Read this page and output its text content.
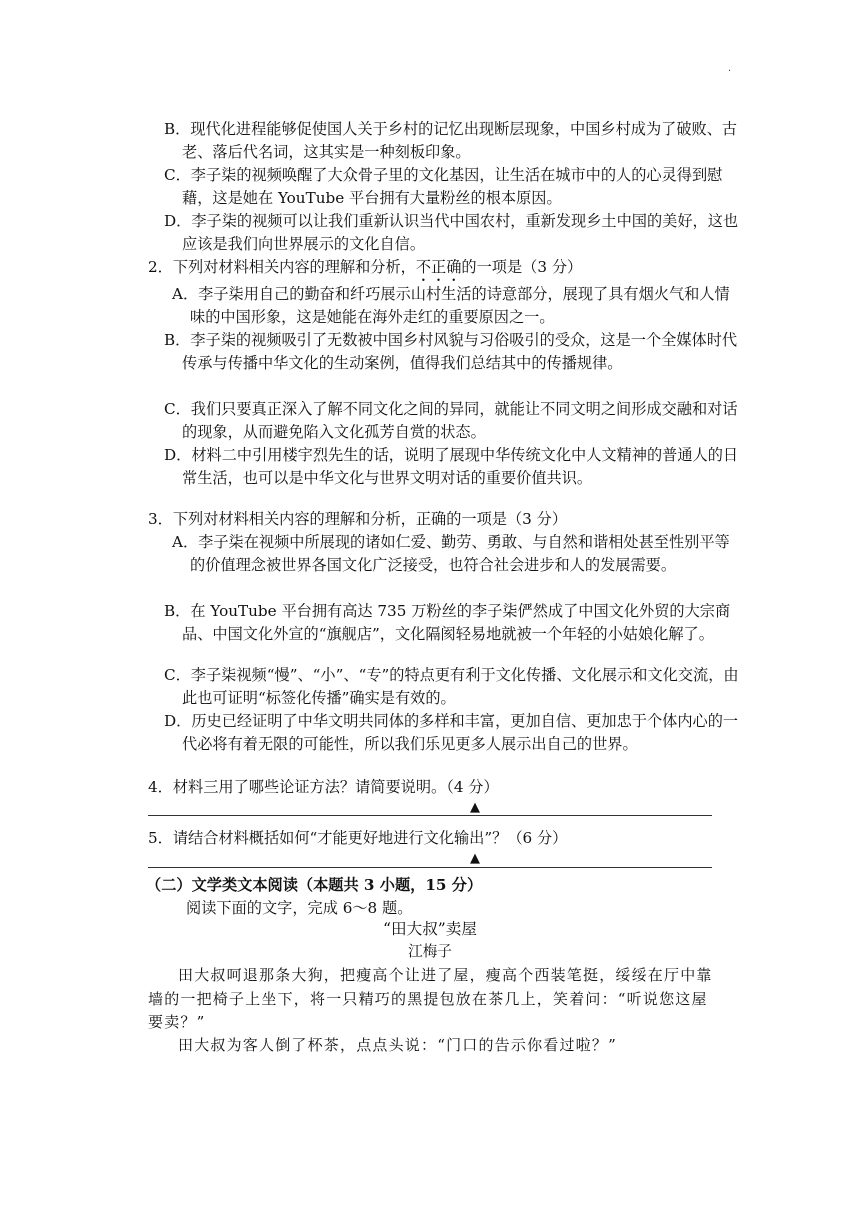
·

B．现代化进程能够促使国人关于乡村的记忆出现断层现象，中国乡村成为了破败、古老、落后代名词，这其实是一种刻板印象。

C．李子柒的视频唤醒了大众骨子里的文化基因，让生活在城市中的人的心灵得到慰藉，这是她在 YouTube 平台拥有大量粉丝的根本原因。

D．李子柒的视频可以让我们重新认识当代中国农村，重新发现乡土中国的美好，这也应该是我们向世界展示的文化自信。

2．下列对材料相关内容的理解和分析，不正确的一项是（3 分）

A．李子柒用自己的勤奋和纤巧展示山村生活的诗意部分，展现了具有烟火气和人情味的中国形象，这是她能在海外走红的重要原因之一。

B．李子柒的视频吸引了无数被中国乡村风貌与习俗吸引的受众，这是一个全媒体时代传承与传播中华文化的生动案例，值得我们总结其中的传播规律。

C．我们只要真正深入了解不同文化之间的异同，就能让不同文明之间形成交融和对话的现象，从而避免陷入文化孤芳自赏的状态。

D．材料二中引用楼宇烈先生的话，说明了展现中华传统文化中人文精神的普通人的日常生活，也可以是中华文化与世界文明对话的重要价值共识。

3．下列对材料相关内容的理解和分析，正确的一项是（3 分）

A．李子柒在视频中所展现的诸如仁爱、勤劳、勇敢、与自然和谐相处甚至性别平等的价值理念被世界各国文化广泛接受，也符合社会进步和人的发展需要。

B．在 YouTube 平台拥有高达 735 万粉丝的李子柒俨然成了中国文化外贸的大宗商品、中国文化外宣的“旗舰店”，文化隔阂轻易地就被一个年轻的小姑娘化解了。

C．李子柒视频“慢”、“小”、“专”的特点更有利于文化传播、文化展示和文化交流，由此也可证明“标签化传播”确实是有效的。

D．历史已经证明了中华文明共同体的多样和丰富，更加自信、更加忠于个体内心的一代必将有着无限的可能性，所以我们乐见更多人展示出自己的世界。

4．材料三用了哪些论证方法？请简要说明。（4 分）

▲

5．请结合材料概括如何“才能更好地进行文化输出”？（6 分）

▲

（二）文学类文本阅读（本题共 3 小题，15 分）

阅读下面的文字，完成 6～8 题。

“田大叔”卖屋

江梅子

田大叔呵退那条大狗，把瘦高个让进了屋，瘦高个西装笔挺，绥绥在厅中靠墙的一把椅子上坐下，将一只精巧的黑提包放在茶几上，笑着问：“听说您这屋要卖？”

田大叔为客人倒了杯茶，点点头说：“门口的告示你看过啦？”
